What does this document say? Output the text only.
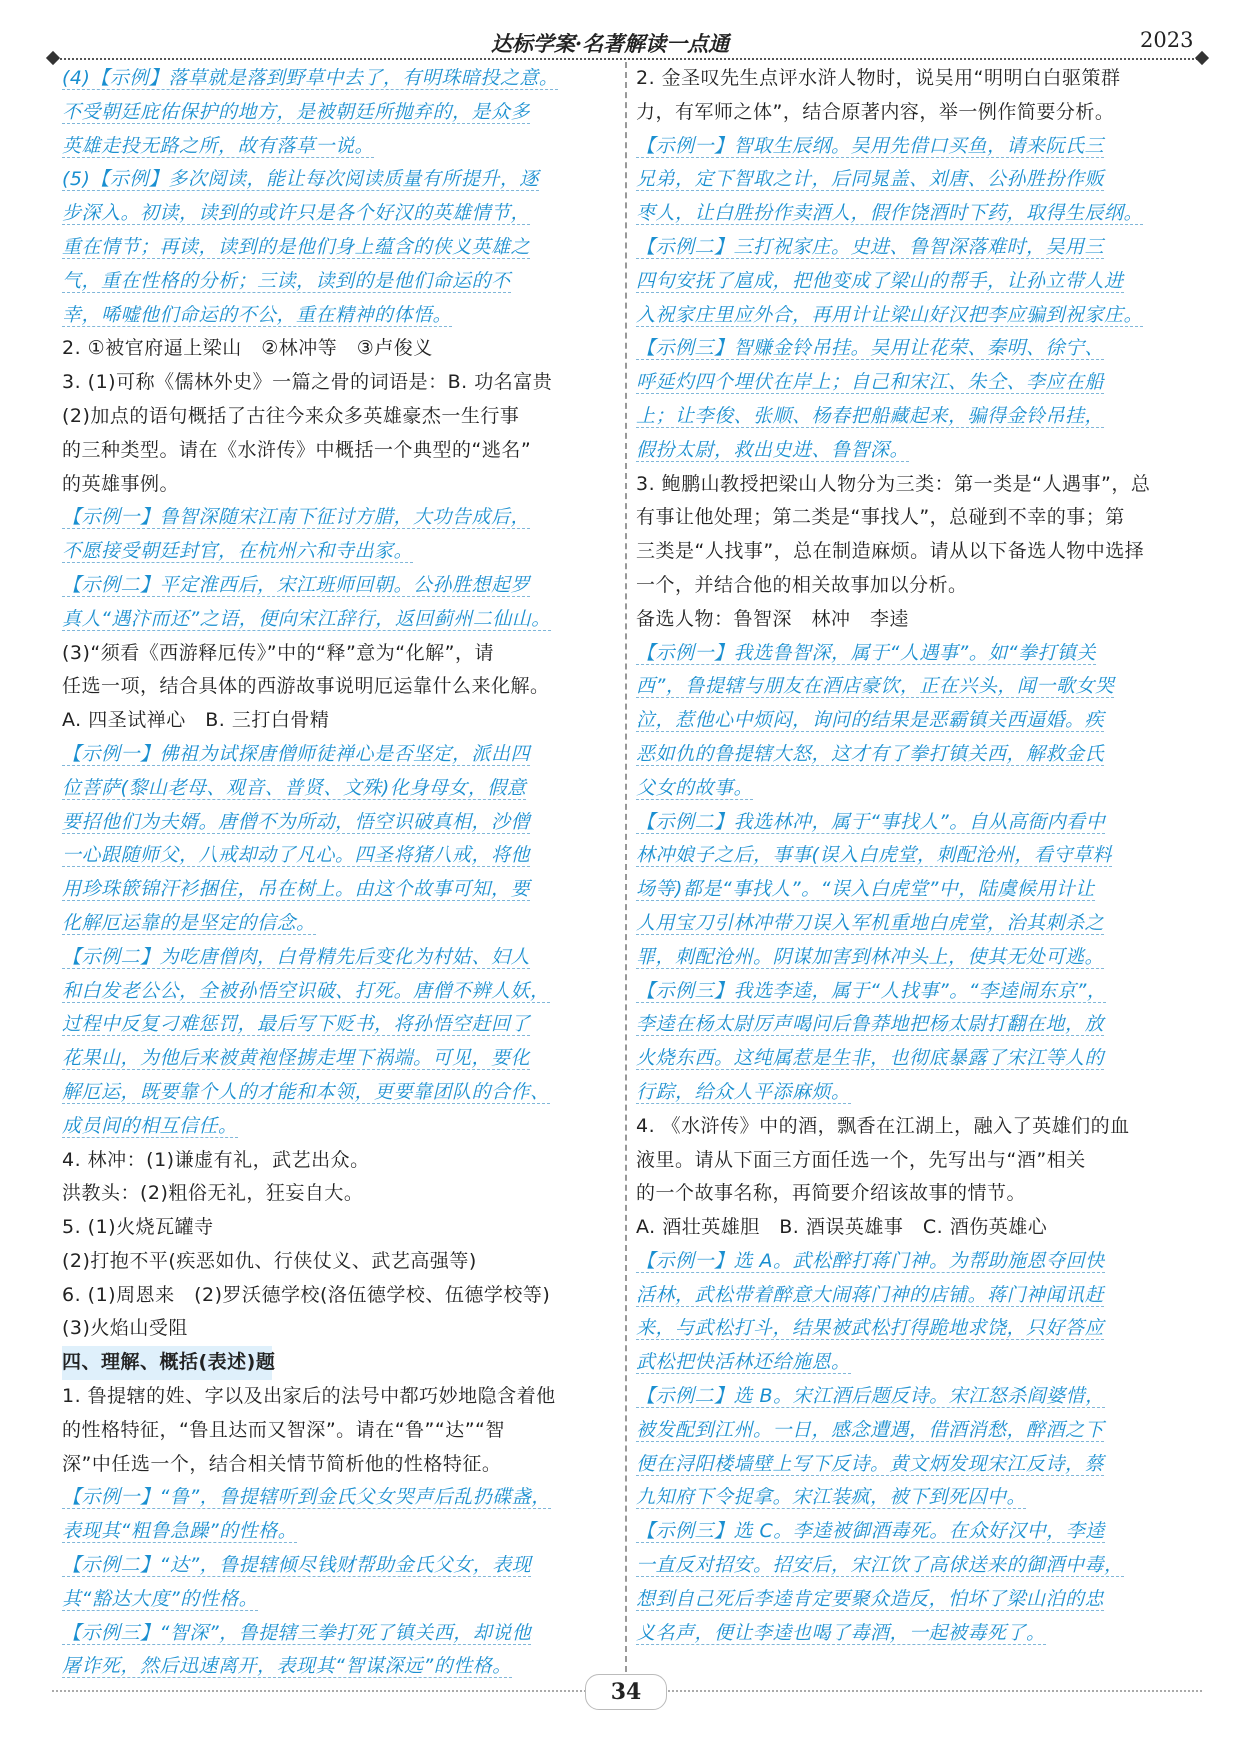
达标学案·名著解读一点通	2023
(4)【示例】落草就是落到野草中去了，有明珠暗投之意。
不受朝廷庇佑保护的地方，是被朝廷所抛弃的，是众多
英雄走投无路之所，故有落草一说。
(5)【示例】多次阅读，能让每次阅读质量有所提升，逐
步深入。初读，读到的或许只是各个好汉的英雄情节，
重在情节；再读，读到的是他们身上蕴含的侠义英雄之
气，重在性格的分析；三读，读到的是他们命运的不
幸，唏嘘他们命运的不公，重在精神的体悟。
2. ①被官府逼上梁山　②林冲等　③卢俊义
3. (1)可称《儒林外史》一篇之骨的词语是：B. 功名富贵
(2)加点的语句概括了古往今来众多英雄豪杰一生行事
的三种类型。请在《水浒传》中概括一个典型的“逃名”
的英雄事例。
【示例一】鲁智深随宋江南下征讨方腊，大功告成后，
不愿接受朝廷封官，在杭州六和寺出家。
【示例二】平定淮西后，宋江班师回朝。公孙胜想起罗
真人“遇汴而还”之语，便向宋江辞行，返回蓟州二仙山。
(3)“须看《西游释厄传》”中的“释”意为“化解”，请
任选一项，结合具体的西游故事说明厄运靠什么来化解。
A. 四圣试禅心　B. 三打白骨精
【示例一】佛祖为试探唐僧师徒禅心是否坚定，派出四
位菩萨(黎山老母、观音、普贤、文殊)化身母女，假意
要招他们为夫婿。唐僧不为所动，悟空识破真相，沙僧
一心跟随师父，八戒却动了凡心。四圣将猪八戒，将他
用珍珠篏锦汗衫捆住，吊在树上。由这个故事可知，要
化解厄运靠的是坚定的信念。
【示例二】为吃唐僧肉，白骨精先后变化为村姑、妇人
和白发老公公，全被孙悟空识破、打死。唐僧不辨人妖，
过程中反复刁难惩罚，最后写下贬书，将孙悟空赶回了
花果山，为他后来被黄袍怪掳走埋下祸端。可见，要化
解厄运，既要靠个人的才能和本领，更要靠团队的合作、
成员间的相互信任。
4. 林冲：(1)谦虚有礼，武艺出众。
洪教头：(2)粗俗无礼，狂妄自大。
5. (1)火烧瓦罐寺
(2)打抱不平(疾恶如仇、行侠仗义、武艺高强等)
6. (1)周恩来　(2)罗沃德学校(洛伍德学校、伍德学校等)
(3)火焰山受阻
四、理解、概括(表述)题
1. 鲁提辖的姓、字以及出家后的法号中都巧妙地隐含着他
的性格特征，“鲁且达而又智深”。请在“鲁”“达”“智
深”中任选一个，结合相关情节简析他的性格特征。
【示例一】“鲁”，鲁提辖听到金氏父女哭声后乱扔碟盏，
表现其“粗鲁急躁”的性格。
【示例二】“达”，鲁提辖倾尽钱财帮助金氏父女，表现
其“豁达大度”的性格。
【示例三】“智深”，鲁提辖三拳打死了镇关西，却说他
屠诈死，然后迅速离开，表现其“智谋深远”的性格。
2. 金圣叹先生点评水浒人物时，说吴用“明明白白驱策群
力，有军师之体”，结合原著内容，举一例作简要分析。
【示例一】智取生辰纲。吴用先借口买鱼，请来阮氏三
兄弟，定下智取之计，后同晁盖、刘唐、公孙胜扮作贩
枣人，让白胜扮作卖酒人，假作饶酒时下药，取得生辰纲。
【示例二】三打祝家庄。史进、鲁智深落难时，吴用三
四句安抚了扈成，把他变成了梁山的帮手，让孙立带人进
入祝家庄里应外合，再用计让梁山好汉把李应骗到祝家庄。
【示例三】智赚金铃吊挂。吴用让花荣、秦明、徐宁、
呼延灼四个埋伏在岸上；自己和宋江、朱仝、李应在船
上；让李俊、张顺、杨春把船藏起来，骗得金铃吊挂，
假扮太尉，救出史进、鲁智深。
3. 鲍鹏山教授把梁山人物分为三类：第一类是“人遇事”，总
有事让他处理；第二类是“事找人”，总碰到不幸的事；第
三类是“人找事”，总在制造麻烦。请从以下备选人物中选择
一个，并结合他的相关故事加以分析。
备选人物：鲁智深　林冲　李逵
【示例一】我选鲁智深，属于“人遇事”。如“拳打镇关
西”，鲁提辖与朋友在酒店豪饮，正在兴头，闻一歌女哭
泣，惹他心中烦闷，询问的结果是恶霸镇关西逼婚。疾
恶如仇的鲁提辖大怒，这才有了拳打镇关西，解救金氏
父女的故事。
【示例二】我选林冲，属于“事找人”。自从高衙内看中
林冲娘子之后，事事(误入白虎堂，刺配沧州，看守草料
场等)都是“事找人”。“误入白虎堂”中，陆虞候用计让
人用宝刀引林冲带刀误入军机重地白虎堂，治其刺杀之
罪，刺配沧州。阴谋加害到林冲头上，使其无处可逃。
【示例三】我选李逵，属于“人找事”。“李逵闹东京”，
李逵在杨太尉厉声喝问后鲁莽地把杨太尉打翻在地，放
火烧东西。这纯属惹是生非，也彻底暴露了宋江等人的
行踪，给众人平添麻烦。
4. 《水浒传》中的酒，飘香在江湖上，融入了英雄们的血
液里。请从下面三方面任选一个，先写出与“酒”相关
的一个故事名称，再简要介绍该故事的情节。
A. 酒壮英雄胆　B. 酒误英雄事　C. 酒伤英雄心
【示例一】选 A。武松醉打蒋门神。为帮助施恩夺回快
活林，武松带着醉意大闹蒋门神的店铺。蒋门神闻讯赶
来，与武松打斗，结果被武松打得跪地求饶，只好答应
武松把快活林还给施恩。
【示例二】选 B。宋江酒后题反诗。宋江怒杀阎婆惜，
被发配到江州。一日，感念遭遇，借酒消愁，醉酒之下
便在浔阳楼墙壁上写下反诗。黄文炳发现宋江反诗，蔡
九知府下令捉拿。宋江装疯，被下到死囚中。
【示例三】选 C。李逵被御酒毒死。在众好汉中，李逵
一直反对招安。招安后，宋江饮了高俅送来的御酒中毒，
想到自己死后李逵肯定要聚众造反，怕坏了梁山泊的忠
义名声，便让李逵也喝了毒酒，一起被毒死了。
34
